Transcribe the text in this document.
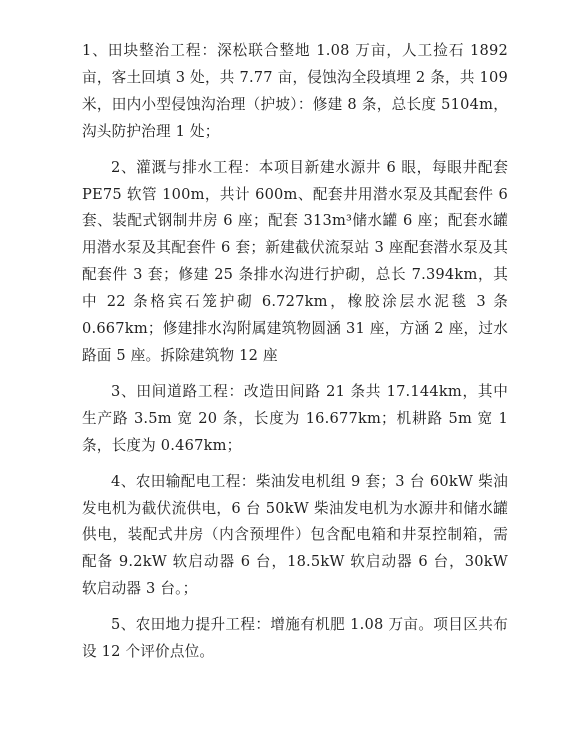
1、田块整治工程：深松联合整地 1.08 万亩，人工捡石 1892 亩，客土回填 3 处，共 7.77 亩，侵蚀沟全段填埋 2 条，共 109 米，田内小型侵蚀沟治理（护坡）：修建 8 条，总长度 5104m，沟头防护治理 1 处；

2、灌溉与排水工程：本项目新建水源井 6 眼，每眼井配套 PE75 软管 100m，共计 600m、配套井用潜水泵及其配套件 6 套、装配式钢制井房 6 座；配套 313m³储水罐 6 座；配套水罐用潜水泵及其配套件 6 套；新建截伏流泵站 3 座配套潜水泵及其配套件 3 套；修建 25 条排水沟进行护砌，总长 7.394km，其中 22 条格宾石笼护砌 6.727km，橡胶涂层水泥毯 3 条 0.667km；修建排水沟附属建筑物圆涵 31 座，方涵 2 座，过水路面 5 座。拆除建筑物 12 座

3、田间道路工程：改造田间路 21 条共 17.144km，其中生产路 3.5m 宽 20 条，长度为 16.677km；机耕路 5m 宽 1 条，长度为 0.467km；

4、农田输配电工程：柴油发电机组 9 套；3 台 60kW 柴油发电机为截伏流供电，6 台 50kW 柴油发电机为水源井和储水罐供电，装配式井房（内含预埋件）包含配电箱和井泵控制箱，需配备 9.2kW 软启动器 6 台，18.5kW 软启动器 6 台，30kW 软启动器 3 台。；

5、农田地力提升工程：增施有机肥 1.08 万亩。项目区共布设 12 个评价点位。
